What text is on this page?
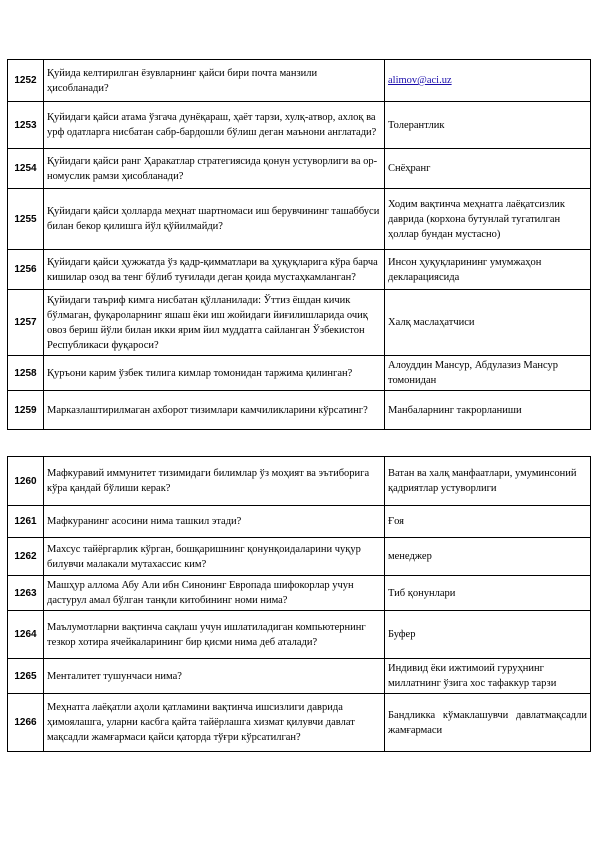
1252	Қуйида келтирилган ёзувларнинг қайси бири почта манзили ҳисобланади?	alimov@aci.uz
1253	Қуйидаги қайси атама ўзгача дунёқараш, ҳаёт тарзи, хулқ-атвор, ахлоқ ва урф одатларга нисбатан сабр-бардошли бўлиш деган маънони англатади?	Толерантлик
1254	Қуйидаги қайси ранг Ҳаракатлар стратегиясида қонун устуворлиги ва ор-номуслик рамзи ҳисобланади?	Снёҳранг
1255	Қуйидаги қайси ҳолларда меҳнат шартномаси иш берувчининг ташаббуси билан бекор қилишга йўл қўйилмайди?	Ходим вақтинча меҳнатга лаёқатсизлик даврида (корхона бутунлай тугатилган ҳоллар бундан мустасно)
1256	Қуйидаги қайси ҳужжатда ўз қадр-қимматлари ва ҳуқуқларига кўра барча кишилар озод ва тенг бўлиб туғилади деган қоида мустаҳкамланган?	Инсон ҳуқуқларининг умумжаҳон декларациясида
1257	Қуйидаги таъриф кимга нисбатан қўлланилади: Ўттиз ёшдан кичик бўлмаган, фуқароларнинг яшаш ёки иш жойидаги йиғилишларида очиқ овоз бериш йўли билан икки ярим йил муддатга сайланган Ўзбекистон Республикаси фуқароси?	Халқ маслаҳатчиси
1258	Қуръони карим ўзбек тилига кимлар томонидан таржима қилинган?	Алоуддин Мансур, Абдулазиз Мансур томонидан
1259	Марказлаштирилмаган ахборот тизимлари камчиликларини кўрсатинг?	Манбаларнинг такрорланиши
1260	Мафкуравий иммунитет тизимидаги билимлар ўз моҳият ва эътиборига кўра қандай бўлиши керак?	Ватан ва халқ манфаатлари, умуминсоний қадриятлар устуворлиги
1261	Мафкуранинг асосини нима ташкил этади?	Ғоя
1262	Махсус тайёргарлик кўрган, бошқаришнинг қонунқоидаларини чуқур билувчи малакали мутахассис ким?	менеджер
1263	Машҳур аллома Абу Али ибн Синонинг Европада шифокорлар учун дастурул амал бўлган танқли китобининг номи нима?	Тиб қонунлари
1264	Маълумотларни вақтинча сақлаш учун ишлатиладиган компьютернинг тезкор хотира ячейкаларининг бир қисми нима деб аталади?	Буфер
1265	Менталитет тушунчаси нима?	Индивид ёки ижтимоий гуруҳнинг миллатнинг ўзига хос тафаккур тарзи
1266	Меҳнатга лаёқатли аҳоли қатламини вақтинча ишсизлиги даврида ҳимоялашга, уларни касбга қайта тайёрлашга хизмат қилувчи давлат мақсадли жамғармаси қайси қаторда тўғри кўрсатилган?	Бандликка кўмаклашувчи давлатмақсадли жамғармаси
